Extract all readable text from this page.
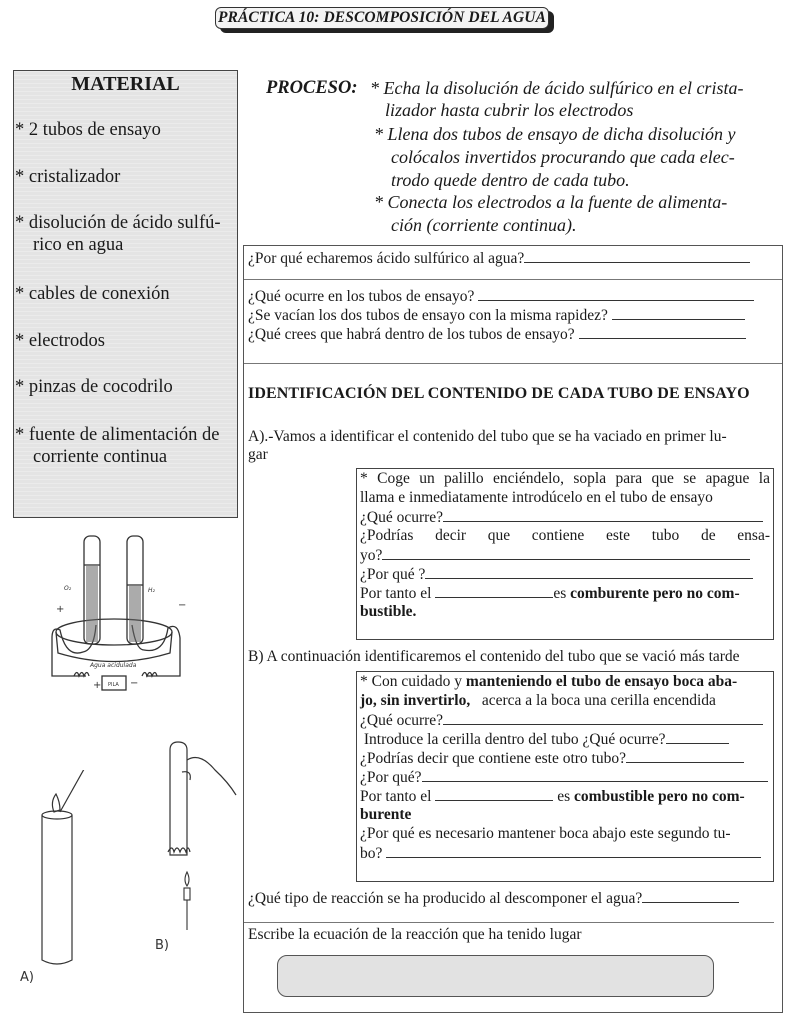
PRÁCTICA 10: DESCOMPOSICIÓN DEL AGUA
MATERIAL
* 2 tubos de ensayo
* cristalizador
* disolución de ácido sulfú-
rico en agua
* cables de conexión
* electrodos
* pinzas de cocodrilo
* fuente de alimentación de
corriente continua
PROCESO: * Echa la disolución de ácido sulfúrico en el crista-
lizador hasta cubrir los electrodos
* Llena dos tubos de ensayo de dicha disolución y
colócalos invertidos procurando que cada elec-
trodo quede dentro de cada tubo.
* Conecta los electrodos a la fuente de alimenta-
ción (corriente continua).
¿Por qué echaremos ácido sulfúrico al agua?
¿Qué ocurre en los tubos de ensayo?
¿Se vacían los dos tubos de ensayo con la misma rapidez?
¿Qué crees que habrá dentro de los tubos de ensayo?
IDENTIFICACIÓN DEL CONTENIDO DE CADA TUBO DE ENSAYO
A).-Vamos a identificar el contenido del tubo que se ha vaciado en primer lu-
gar
* Coge un palillo enciéndelo, sopla para que se apague la
llama e inmediatamente introdúcelo en el tubo de ensayo
¿Qué ocurre?
¿Podrías decir que contiene este tubo de ensa-
yo?
¿Por qué ?
Por tanto el	es comburente pero no com-
bustible.
B) A continuación identificaremos el contenido del tubo que se vació más tarde
* Con cuidado y manteniendo el tubo de ensayo boca aba-
jo, sin invertirlo,   acerca a la boca una cerilla encendida
¿Qué ocurre?
Introduce la cerilla dentro del tubo ¿Qué ocurre?
¿Podrías decir que contiene este otro tubo?
¿Por qué?
Por tanto el	es combustible pero no com-
burente
¿Por qué es necesario mantener boca abajo este segundo tu-
bo?
¿Qué tipo de reacción se ha producido al descomponer el agua?
Escribe la ecuación de la reacción que ha tenido lugar
O₂	H₂
Agua acidulada
PILA
+	−
+	−
A)
B)
